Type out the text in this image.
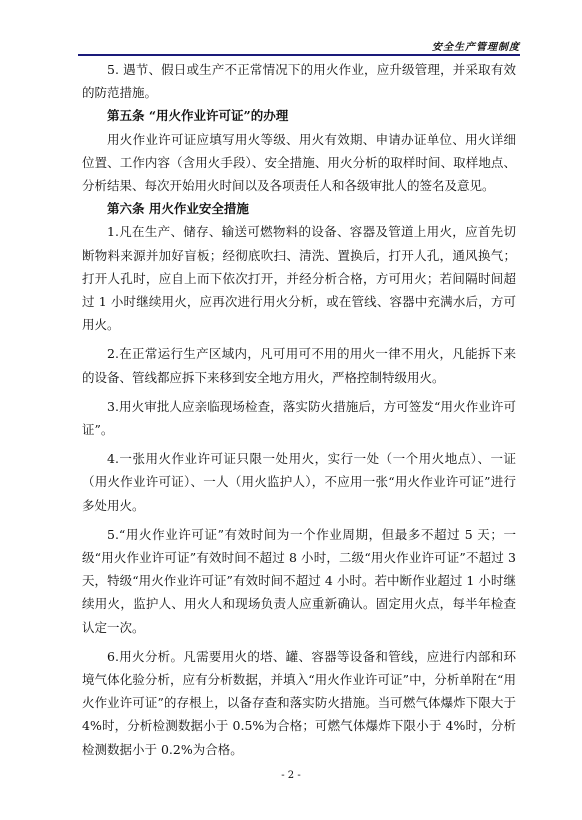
安全生产管理制度

5. 遇节、假日或生产不正常情况下的用火作业，应升级管理，并采取有效的防范措施。

第五条 “用火作业许可证”的办理

用火作业许可证应填写用火等级、用火有效期、申请办证单位、用火详细位置、工作内容（含用火手段）、安全措施、用火分析的取样时间、取样地点、分析结果、每次开始用火时间以及各项责任人和各级审批人的签名及意见。

第六条 用火作业安全措施

1.凡在生产、储存、输送可燃物料的设备、容器及管道上用火，应首先切断物料来源并加好盲板；经彻底吹扫、清洗、置换后，打开人孔，通风换气；打开人孔时，应自上而下依次打开，并经分析合格，方可用火；若间隔时间超过 1 小时继续用火，应再次进行用火分析，或在管线、容器中充满水后，方可用火。

2.在正常运行生产区域内，凡可用可不用的用火一律不用火，凡能拆下来的设备、管线都应拆下来移到安全地方用火，严格控制特级用火。

3.用火审批人应亲临现场检查，落实防火措施后，方可签发“用火作业许可证”。

4.一张用火作业许可证只限一处用火，实行一处（一个用火地点）、一证（用火作业许可证）、一人（用火监护人），不应用一张“用火作业许可证”进行多处用火。

5.“用火作业许可证”有效时间为一个作业周期，但最多不超过 5 天；一级“用火作业许可证”有效时间不超过 8 小时，二级“用火作业许可证”不超过 3 天，特级“用火作业许可证”有效时间不超过 4 小时。若中断作业超过 1 小时继续用火，监护人、用火人和现场负责人应重新确认。固定用火点，每半年检查认定一次。

6.用火分析。凡需要用火的塔、罐、容器等设备和管线，应进行内部和环境气体化验分析，应有分析数据，并填入“用火作业许可证”中，分析单附在“用火作业许可证”的存根上，以备存查和落实防火措施。当可燃气体爆炸下限大于 4%时，分析检测数据小于 0.5%为合格；可燃气体爆炸下限小于 4%时，分析检测数据小于 0.2%为合格。

- 2 -
